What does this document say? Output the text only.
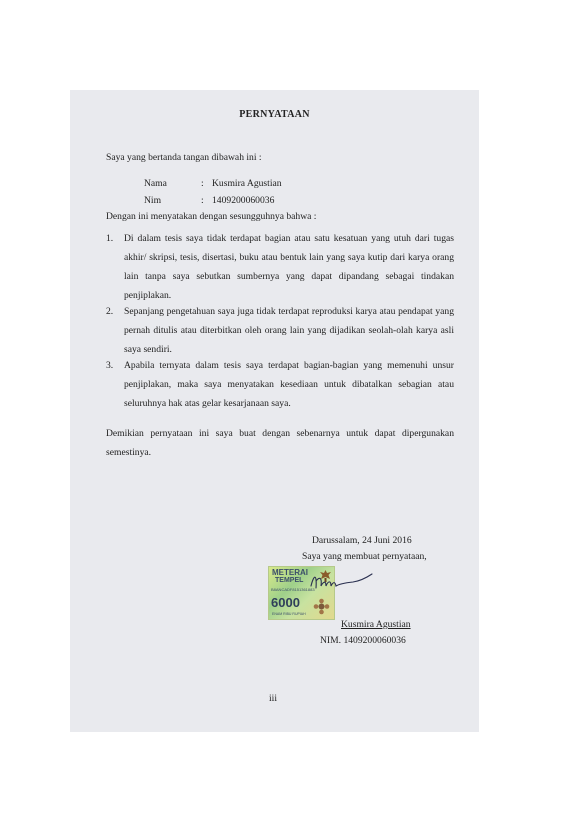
PERNYATAAN
Saya yang bertanda tangan dibawah ini :
Nama	: Kusmira Agustian
Nim	: 1409200060036
Dengan ini menyatakan dengan sesungguhnya bahwa :
1. Di dalam tesis saya tidak terdapat bagian atau satu kesatuan yang utuh dari tugas akhir/ skripsi, tesis, disertasi, buku atau bentuk lain yang saya kutip dari karya orang lain tanpa saya sebutkan sumbernya yang dapat dipandang sebagai tindakan penjiplakan.
2. Sepanjang pengetahuan saya juga tidak terdapat reproduksi karya atau pendapat yang pernah ditulis atau diterbitkan oleh orang lain yang dijadikan seolah-olah karya asli saya sendiri.
3. Apabila ternyata dalam tesis saya terdapat bagian-bagian yang memenuhi unsur penjiplakan, maka saya menyatakan kesediaan untuk dibatalkan sebagian atau seluruhnya hak atas gelar kesarjanaan saya.
Demikian pernyataan ini saya buat dengan sebenarnya untuk dapat dipergunakan semestinya.
Darussalam, 24 Juni 2016
Saya yang membuat pernyataan,
METERAI
TEMPEL
B8ANCADF8151361883
6000
ENAM RIBU RUPIAH
Kusmira Agustian
NIM. 1409200060036
iii
